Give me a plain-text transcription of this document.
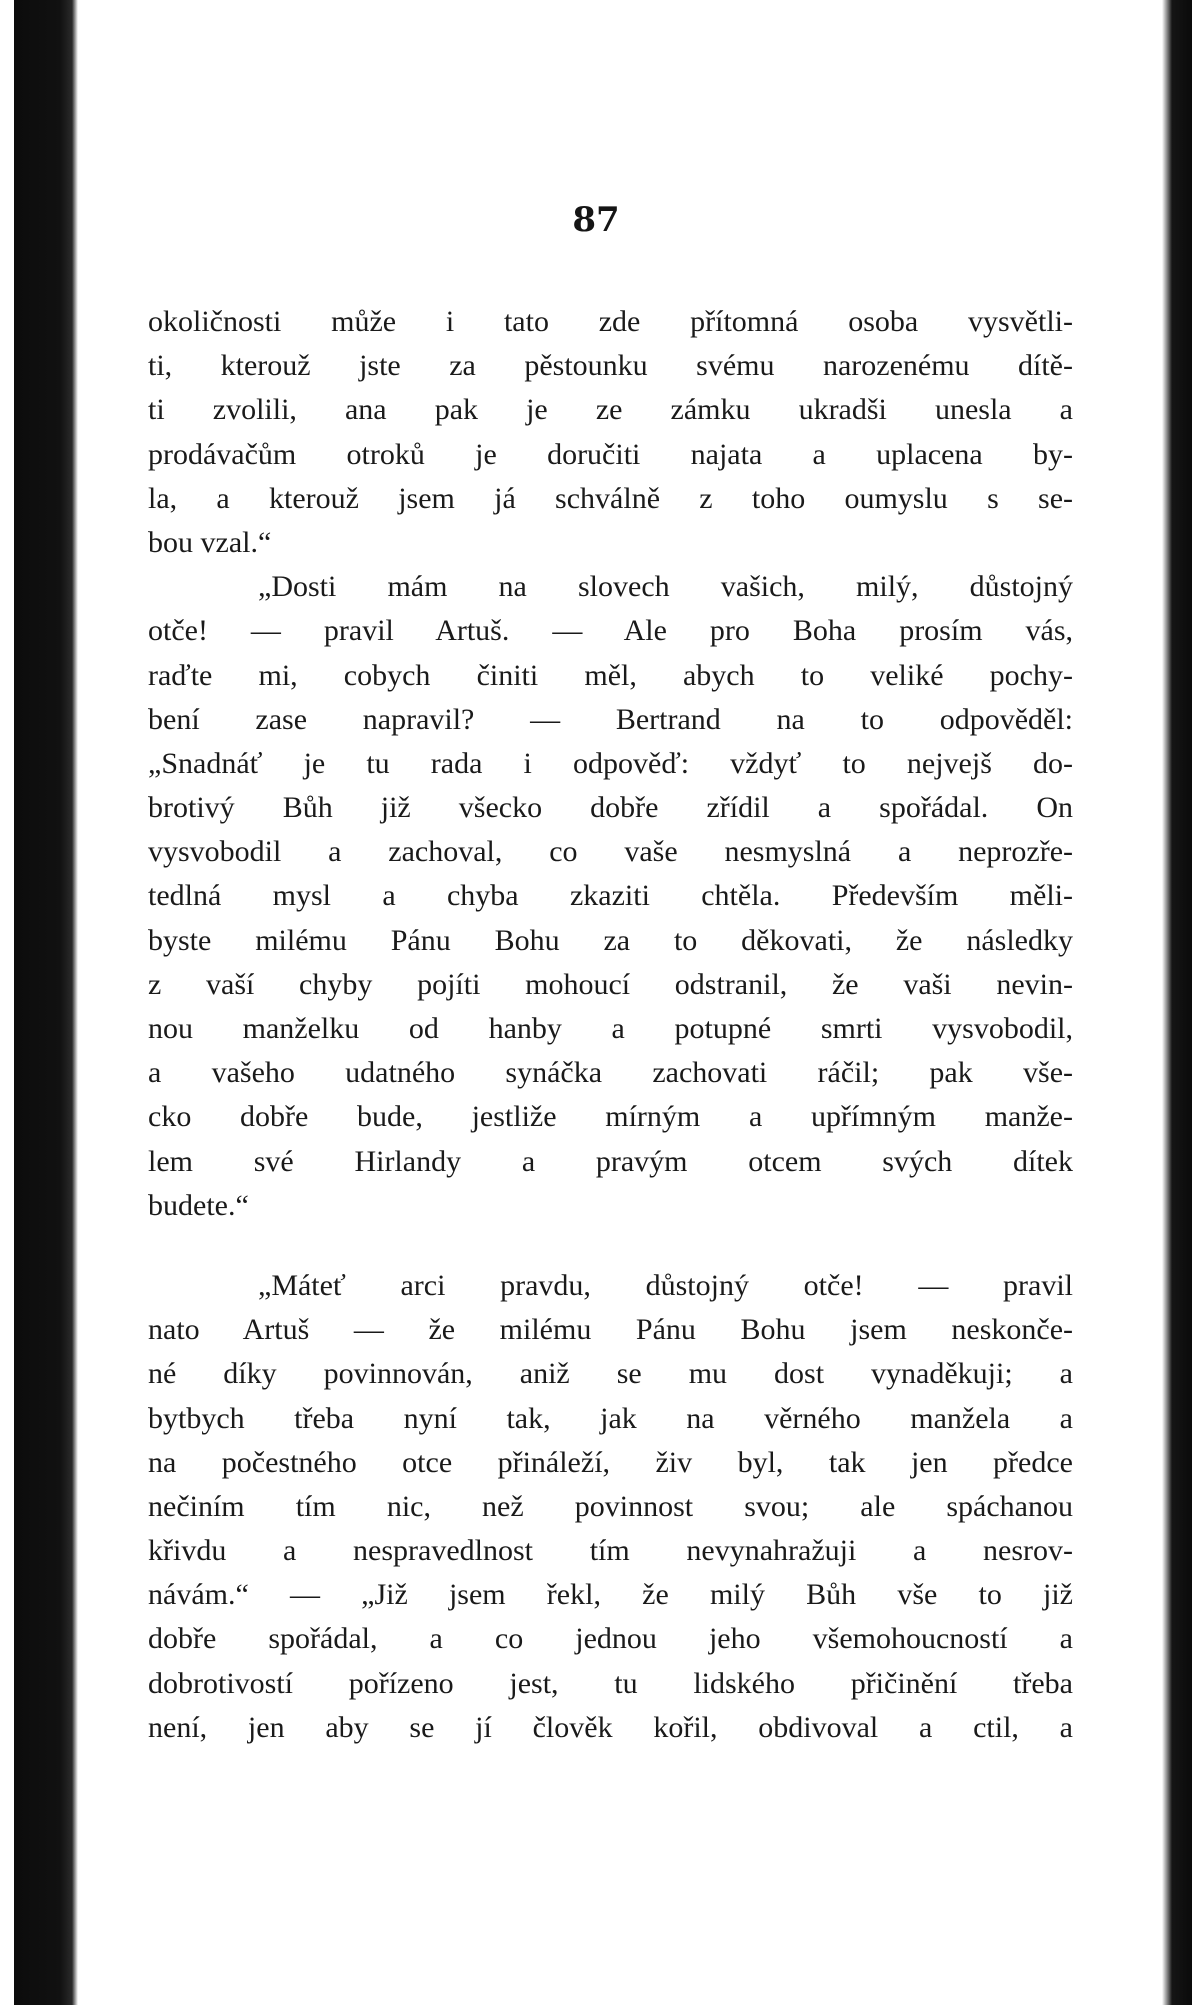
87
okoličnosti může i tato zde přítomná osoba vysvětli-
ti, kterouž jste za pěstounku svému narozenému dítě-
ti zvolili, ana pak je ze zámku ukradši unesla a
prodávačům otroků je doručiti najata a uplacena by-
la, a kterouž jsem já schválně z toho oumyslu s se-
bou vzal.“
„Dosti mám na slovech vašich, milý, důstojný
otče! — pravil Artuš. — Ale pro Boha prosím vás,
raďte mi, cobych činiti měl, abych to veliké pochy-
bení zase napravil? — Bertrand na to odpověděl:
„Snadnáť je tu rada i odpověď: vždyť to nejvejš do-
brotivý Bůh již všecko dobře zřídil a spořádal. On
vysvobodil a zachoval, co vaše nesmyslná a neprozře-
tedlná mysl a chyba zkaziti chtěla. Především měli-
byste milému Pánu Bohu za to děkovati, že následky
z vaší chyby pojíti mohoucí odstranil, že vaši nevin-
nou manželku od hanby a potupné smrti vysvobodil,
a vašeho udatného synáčka zachovati ráčil; pak vše-
cko dobře bude, jestliže mírným a upřímným manže-
lem své Hirlandy a pravým otcem svých dítek
budete.“
„Máteť arci pravdu, důstojný otče! — pravil
nato Artuš — že milému Pánu Bohu jsem neskonče-
né díky povinnován, aniž se mu dost vynaděkuji; a
bytbych třeba nyní tak, jak na věrného manžela a
na počestného otce přináleží, živ byl, tak jen předce
nečiním tím nic, než povinnost svou; ale spáchanou
křivdu a nespravedlnost tím nevynahražuji a nesrov-
návám.“ — „Již jsem řekl, že milý Bůh vše to již
dobře spořádal, a co jednou jeho všemohoucností a
dobrotivostí pořízeno jest, tu lidského přičinění třeba
není, jen aby se jí člověk kořil, obdivoval a ctil, a
